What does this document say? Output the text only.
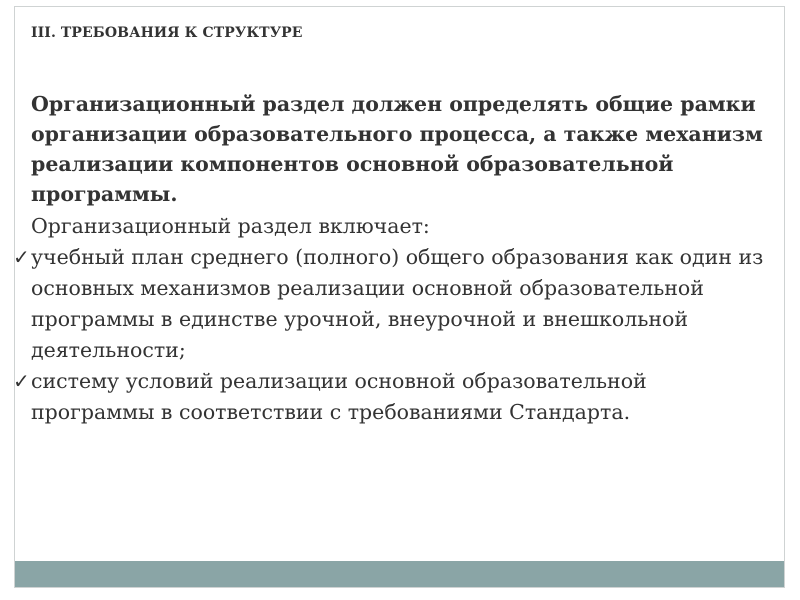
III. ТРЕБОВАНИЯ К СТРУКТУРЕ

Организационный раздел должен определять общие рамки организации образовательного процесса, а также механизм реализации компонентов основной образовательной программы.

Организационный раздел включает:
✓ учебный план среднего (полного) общего образования как один из основных механизмов реализации основной образовательной программы в единстве урочной, внеурочной и внешкольной деятельности;
✓ систему условий реализации основной образовательной программы в соответствии с требованиями Стандарта.
